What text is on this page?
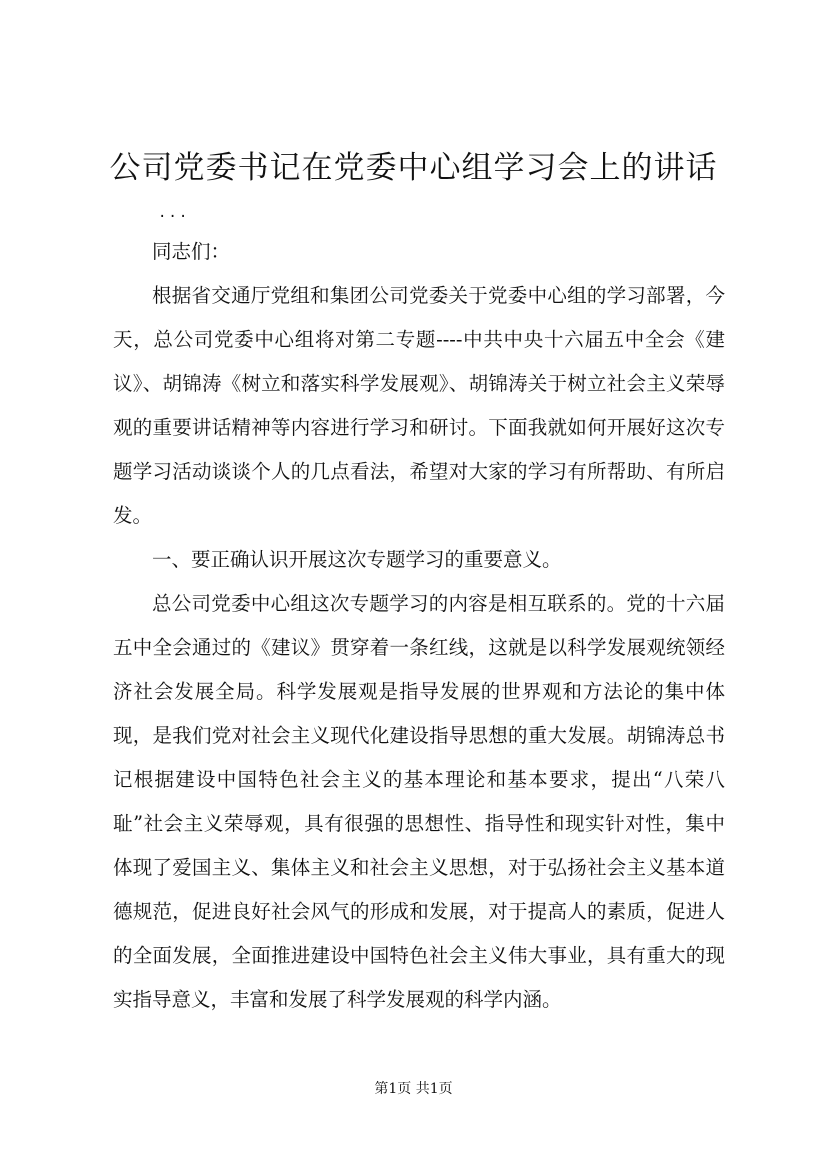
公司党委书记在党委中心组学习会上的讲话
...

同志们：

根据省交通厅党组和集团公司党委关于党委中心组的学习部署，今天，总公司党委中心组将对第二专题----中共中央十六届五中全会《建议》、胡锦涛《树立和落实科学发展观》、胡锦涛关于树立社会主义荣辱观的重要讲话精神等内容进行学习和研讨。下面我就如何开展好这次专题学习活动谈谈个人的几点看法，希望对大家的学习有所帮助、有所启发。

一、要正确认识开展这次专题学习的重要意义。

总公司党委中心组这次专题学习的内容是相互联系的。党的十六届五中全会通过的《建议》贯穿着一条红线，这就是以科学发展观统领经济社会发展全局。科学发展观是指导发展的世界观和方法论的集中体现，是我们党对社会主义现代化建设指导思想的重大发展。胡锦涛总书记根据建设中国特色社会主义的基本理论和基本要求，提出“八荣八耻”社会主义荣辱观，具有很强的思想性、指导性和现实针对性，集中体现了爱国主义、集体主义和社会主义思想，对于弘扬社会主义基本道德规范，促进良好社会风气的形成和发展，对于提高人的素质，促进人的全面发展，全面推进建设中国特色社会主义伟大事业，具有重大的现实指导意义，丰富和发展了科学发展观的科学内涵。

第1页 共1页
